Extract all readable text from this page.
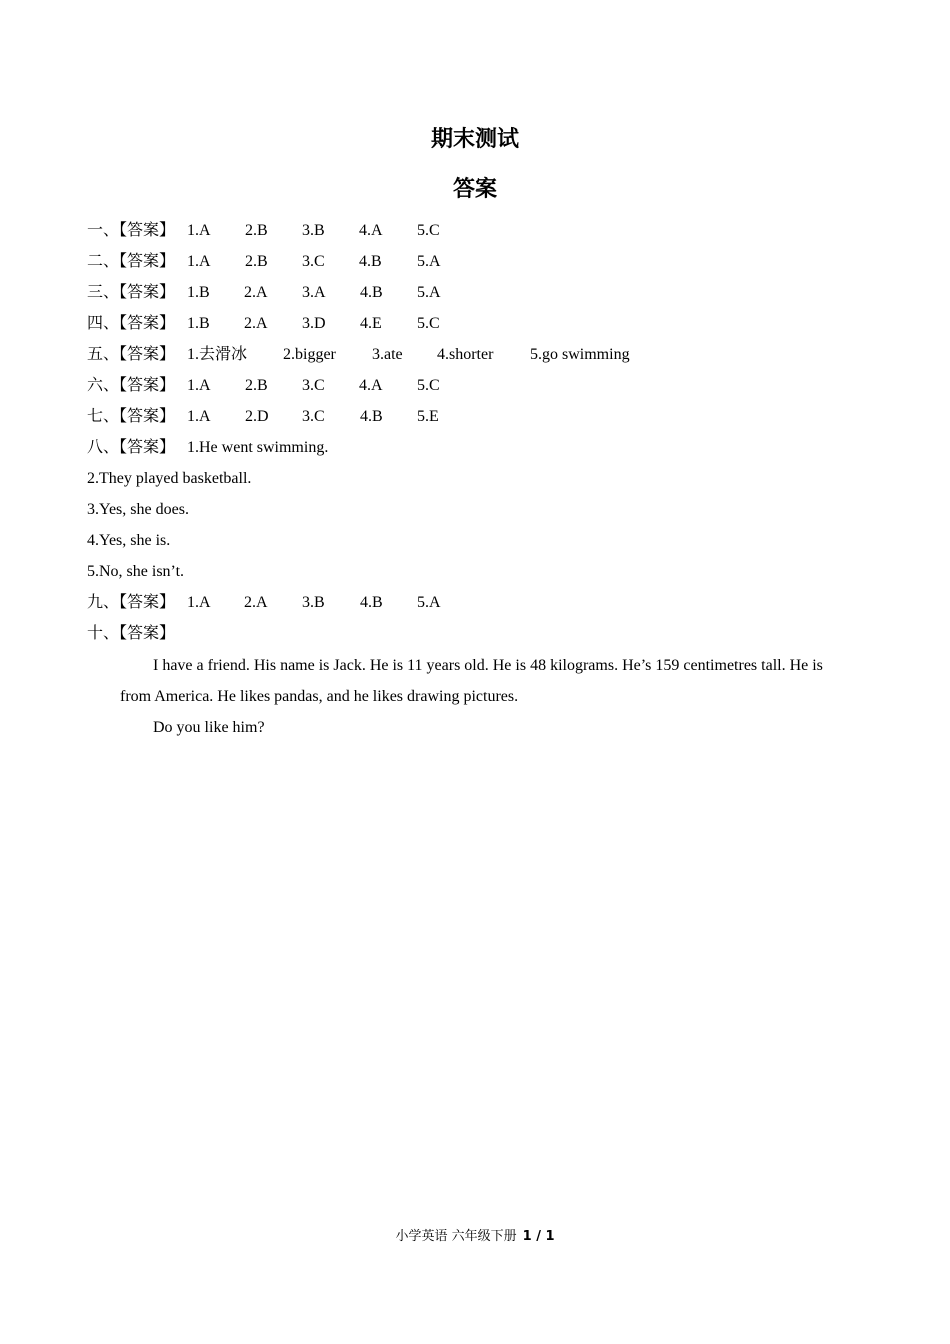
期末测试
答案
一、【答案】 1.A 2.B 3.B 4.A 5.C
二、【答案】 1.A 2.B 3.C 4.B 5.A
三、【答案】 1.B 2.A 3.A 4.B 5.A
四、【答案】 1.B 2.A 3.D 4.E 5.C
五、【答案】 1.去滑冰 2.bigger 3.ate 4.shorter 5.go swimming
六、【答案】 1.A 2.B 3.C 4.A 5.C
七、【答案】 1.A 2.D 3.C 4.B 5.E
八、【答案】 1.He went swimming.
2.They played basketball.
3.Yes, she does.
4.Yes, she is.
5.No, she isn’t.
九、【答案】 1.A 2.A 3.B 4.B 5.A
十、【答案】
I have a friend. His name is Jack. He is 11 years old. He is 48 kilograms. He’s 159 centimetres tall. He is
from America. He likes pandas, and he likes drawing pictures.
Do you like him?
小学英语 六年级下册 1 / 1
